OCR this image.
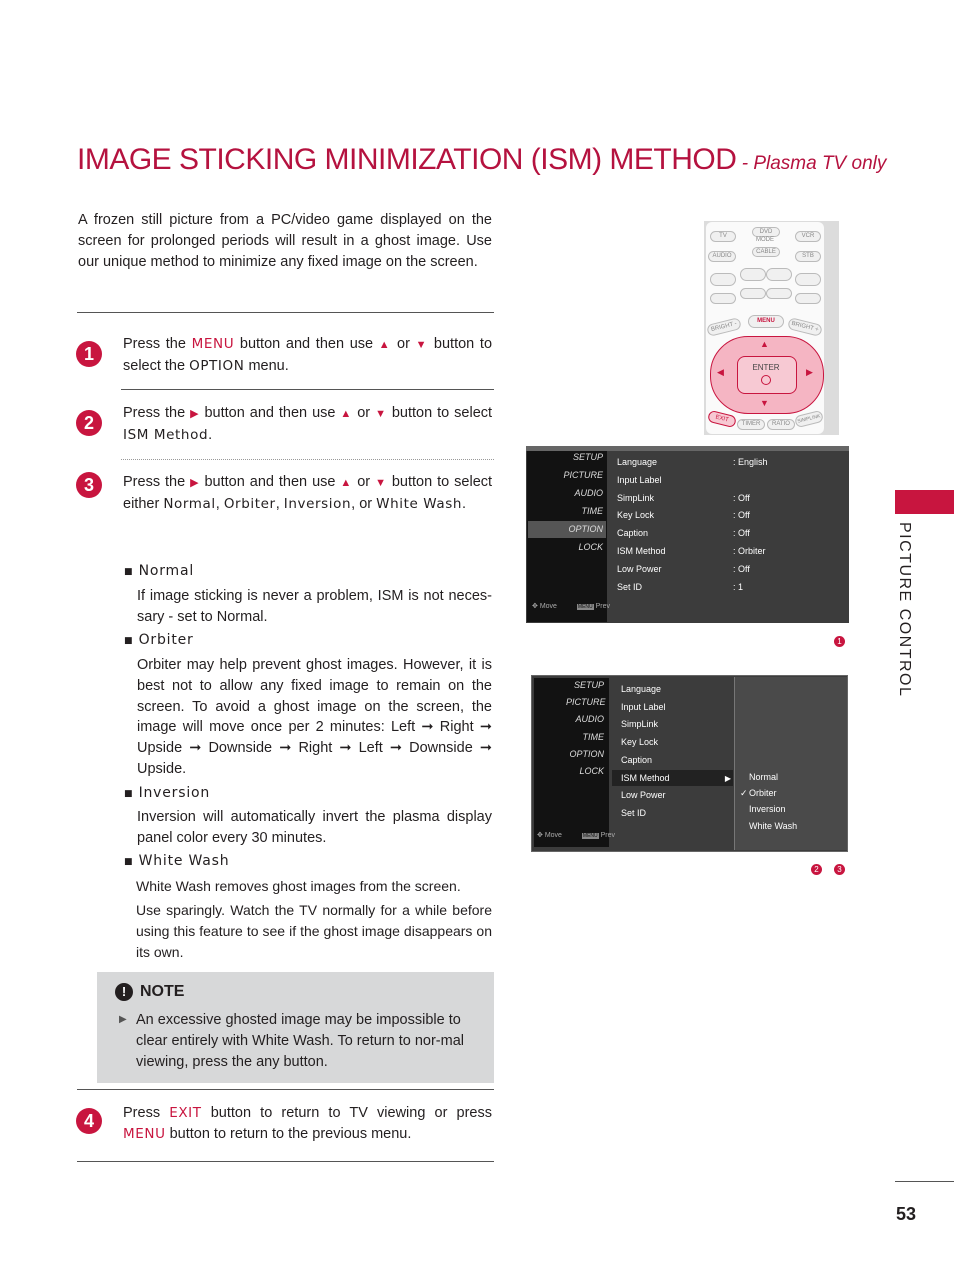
IMAGE STICKING MINIMIZATION (ISM) METHOD - Plasma TV only
A frozen still picture from a PC/video game displayed on the screen for prolonged periods will result in a ghost image. Use our unique method to minimize any fixed image on the screen.
1	Press the MENU button and then use ▲ or ▼ button to select the OPTION menu.
2	Press the ▶ button and then use ▲ or ▼ button to select ISM Method.
3	Press the ▶ button and then use ▲ or ▼ button to select either Normal, Orbiter, Inversion, or White Wash.
■ Normal
If image sticking is never a problem, ISM is not neces-sary - set to Normal.
■ Orbiter
Orbiter may help prevent ghost images. However, it is best not to allow any fixed image to remain on the screen. To avoid a ghost image on the screen, the image will move once per 2 minutes: Left ➞ Right ➞ Upside ➞ Downside ➞ Right ➞ Left ➞ Downside ➞ Upside.
■ Inversion
Inversion will automatically invert the plasma display panel color every 30 minutes.
■ White Wash
White Wash removes ghost images from the screen.
Use sparingly. Watch the TV normally for a while before using this feature to see if the ghost image disappears on its own.
! NOTE
▶ An excessive ghosted image may be impossible to clear entirely with White Wash. To return to nor-mal viewing, press the any button.
4	Press EXIT button to return to TV viewing or press MENU button to return to the previous menu.
PICTURE CONTROL
53
TV
DVD
VCR
MODE
AUDIO
CABLE
STB
BRIGHT -	MENU	BRIGHT +
ENTER
▲
▼
◀	▶
EXIT
TIMER	RATIO	SIMPLINK
SETUP
PICTURE
AUDIO
TIME
OPTION
LOCK
✥ Move	MENU Prev
Language	: English
Input Label
SimpLink	: Off
Key Lock	: Off
Caption	: Off
ISM Method	: Orbiter
Low Power	: Off
Set ID	: 1
1
SETUP
PICTURE
AUDIO
TIME
OPTION
LOCK
✥ Move	MENU Prev
Language
Input Label
SimpLink
Key Lock
Caption
ISM Method	▶
Low Power
Set ID
Normal
✓Orbiter
Inversion
White Wash
2	3
